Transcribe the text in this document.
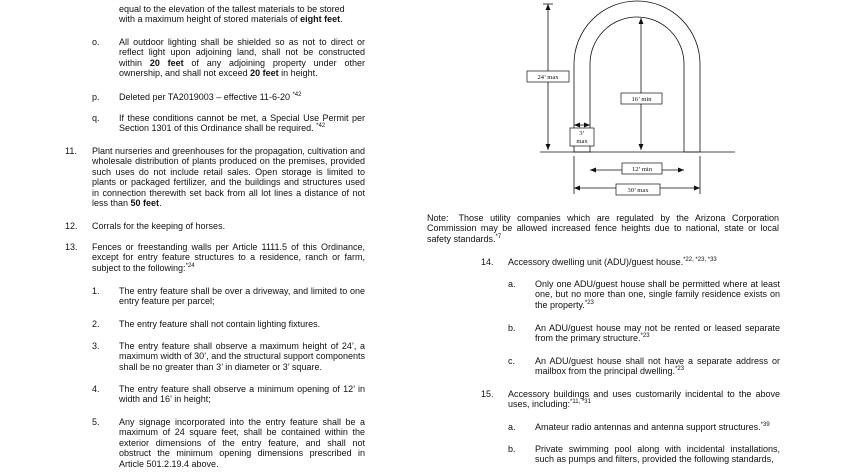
equal to the elevation of the tallest materials to be stored
with a maximum height of stored materials of eight feet.
o. All outdoor lighting shall be shielded so as not to direct or reflect light upon adjoining land, shall not be constructed within 20 feet of any adjoining property under other ownership, and shall not exceed 20 feet in height.
p. Deleted per TA2019003 – effective 11-6-20 $^{*42}$
q. If these conditions cannot be met, a Special Use Permit per Section 1301 of this Ordinance shall be required. $^{*42}$
11. Plant nurseries and greenhouses for the propagation, cultivation and wholesale distribution of plants produced on the premises, provided such uses do not include retail sales. Open storage is limited to plants or packaged fertilizer, and the buildings and structures used in connection therewith set back from all lot lines a distance of not less than 50 feet.
12. Corrals for the keeping of horses.
13. Fences or freestanding walls per Article 1111.5 of this Ordinance, except for entry feature structures to a residence, ranch or farm, subject to the following:$^{*24}$
1. The entry feature shall be over a driveway, and limited to one entry feature per parcel;
2. The entry feature shall not contain lighting fixtures.
3. The entry feature shall observe a maximum height of 24’, a maximum width of 30’, and the structural support components shall be no greater than 3’ in diameter or 3’ square.
4. The entry feature shall observe a minimum opening of 12’ in width and 16’ in height;
5. Any signage incorporated into the entry feature shall be a maximum of 24 square feet, shall be contained within the exterior dimensions of the entry feature, and shall not obstruct the minimum opening dimensions prescribed in Article 501.2.19.4 above.
24’ max
16’ min
3’
max
12’ min
30’ max
Note: Those utility companies which are regulated by the Arizona Corporation Commission may be allowed increased fence heights due to national, state or local safety standards.$^{*7}$
14. Accessory dwelling unit (ADU)/guest house.$^{*22, *23, *33}$
a. Only one ADU/guest house shall be permitted where at least one, but no more than one, single family residence exists on the property.$^{*23}$
b. An ADU/guest house may not be rented or leased separate from the primary structure.$^{*23}$
c. An ADU/guest house shall not have a separate address or mailbox from the principal dwelling.$^{*23}$
15. Accessory buildings and uses customarily incidental to the above uses, including:$^{*11, *31}$
a. Amateur radio antennas and antenna support structures.$^{*39}$
b. Private swimming pool along with incidental installations, such as pumps and filters, provided the following standards,
